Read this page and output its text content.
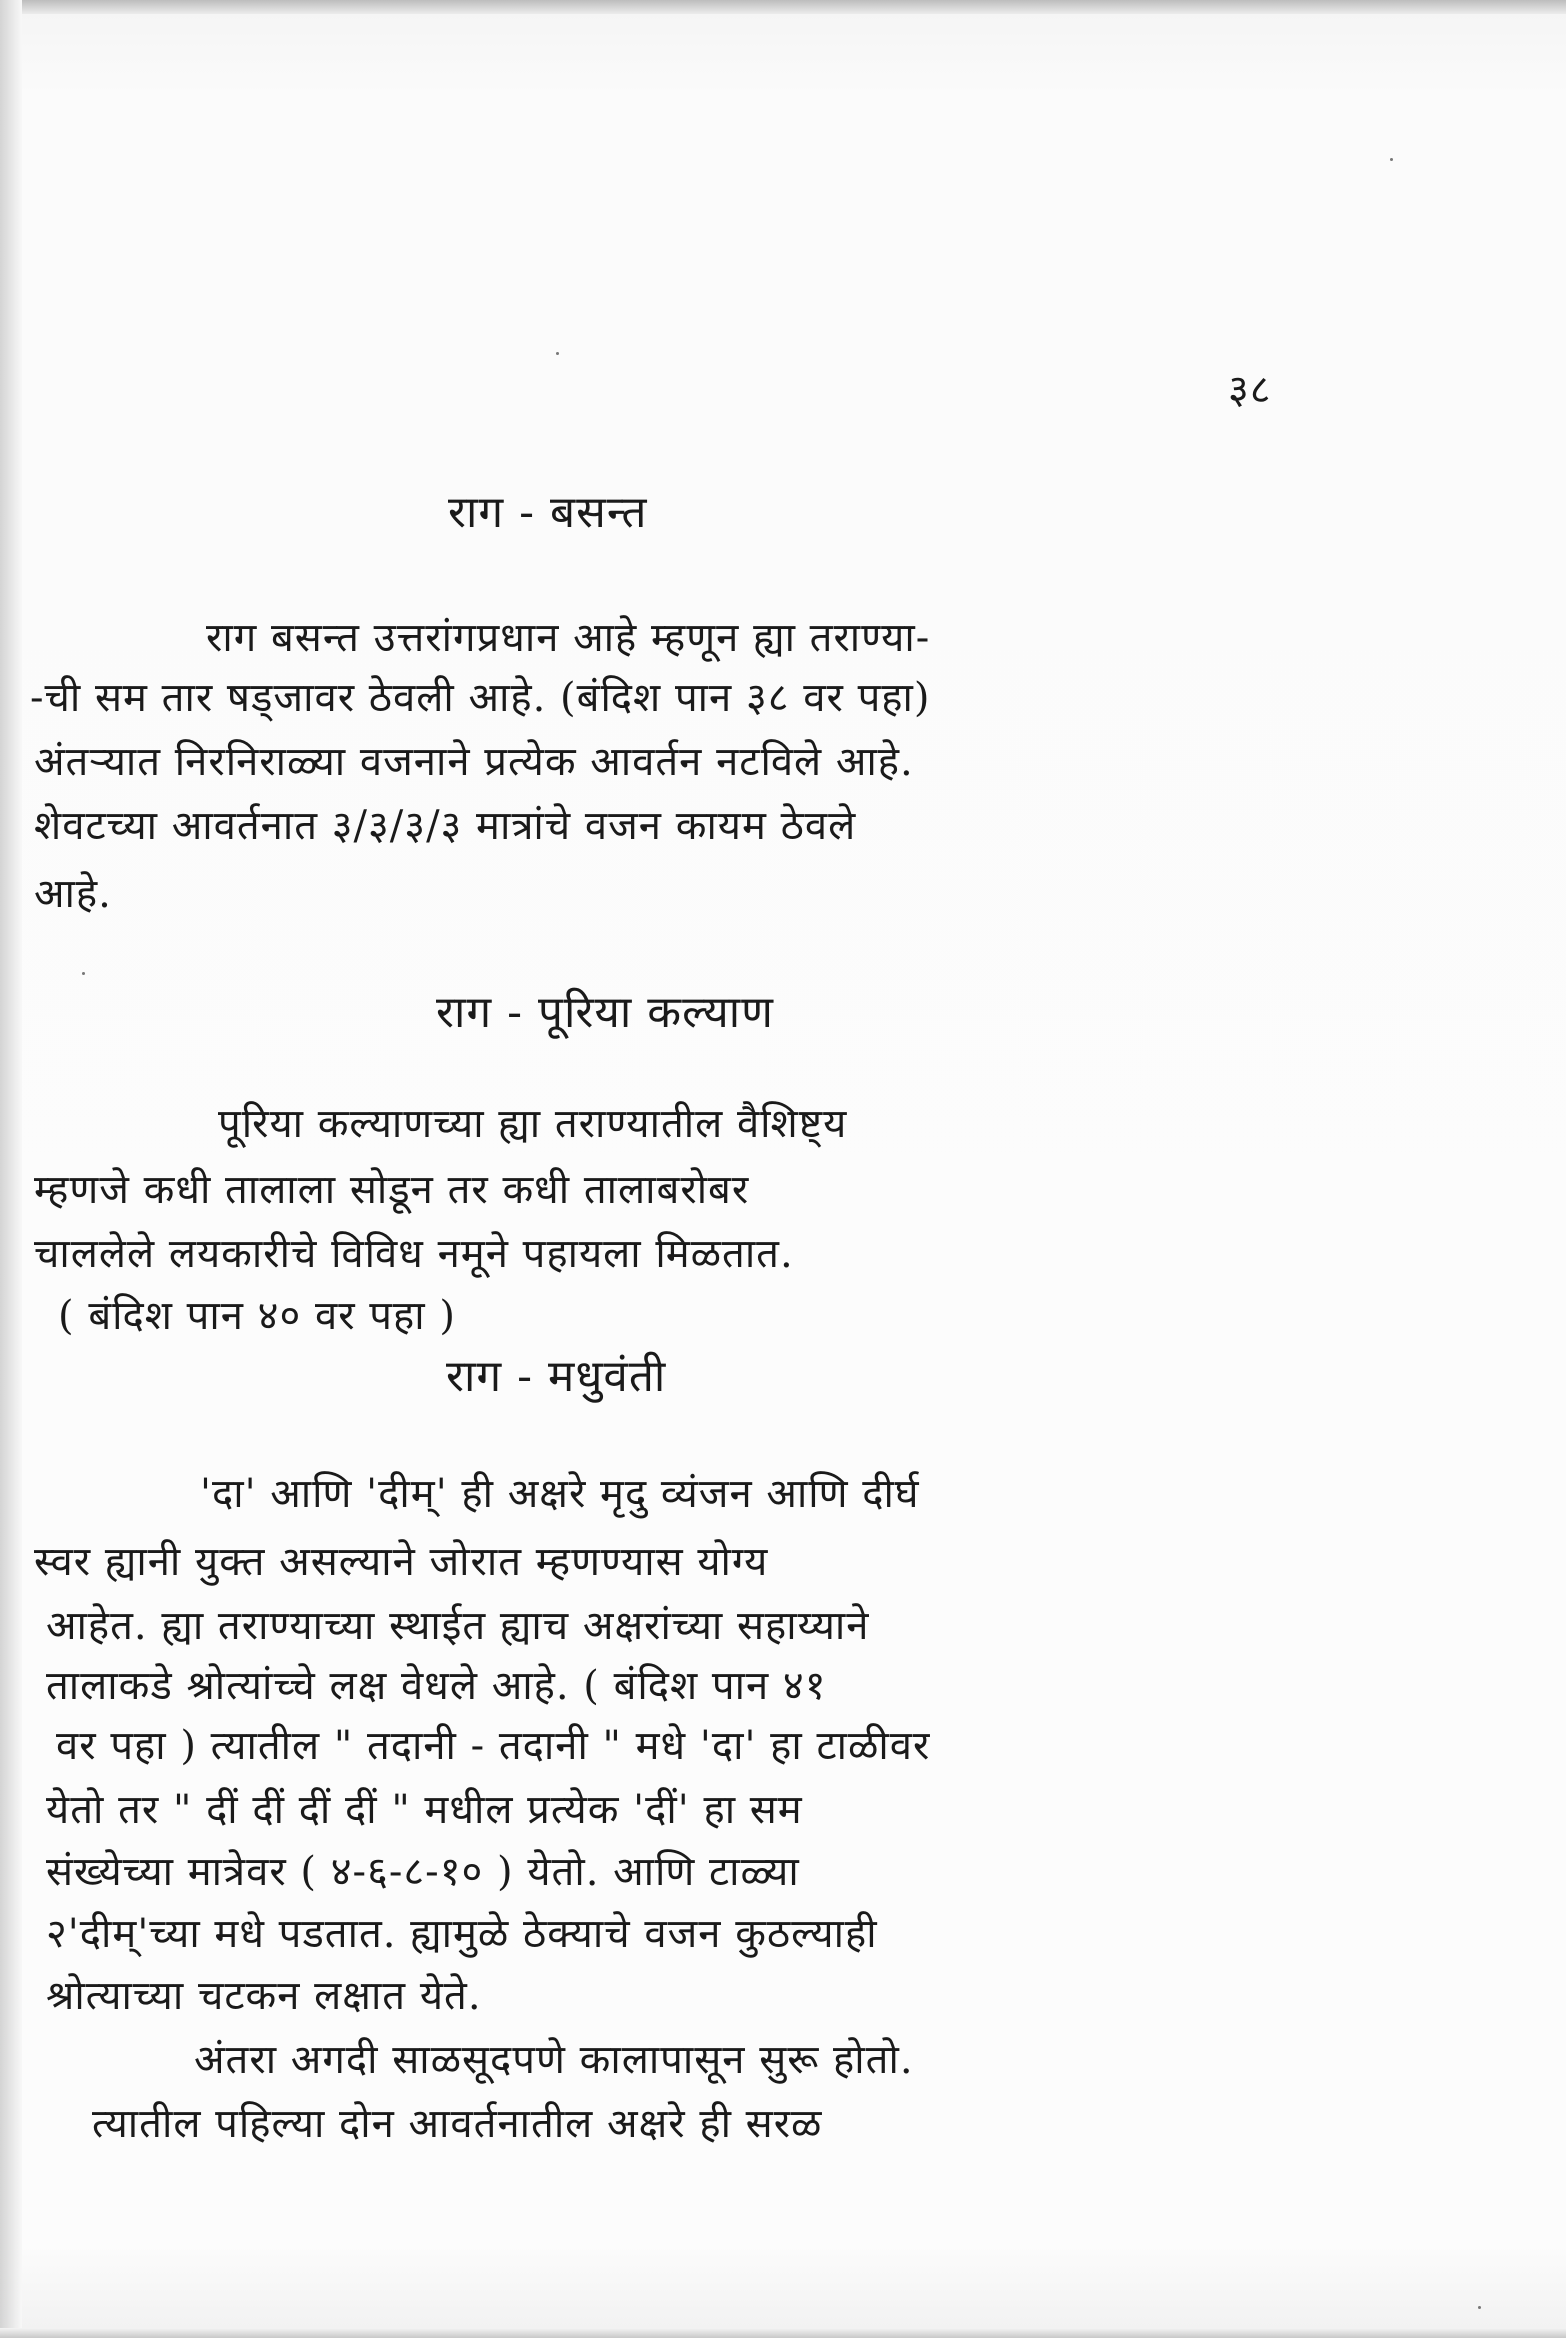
३८
राग - बसन्त
राग बसन्त उत्तरांगप्रधान आहे म्हणून ह्या तराण्या-
-ची सम तार षड्जावर ठेवली आहे. (बंदिश पान ३८ वर पहा)
अंतऱ्यात निरनिराळ्या वजनाने प्रत्येक आवर्तन नटविले आहे.
शेवटच्या आवर्तनात ३/३/३/३ मात्रांचे वजन कायम ठेवले
आहे.
राग - पूरिया कल्याण
पूरिया कल्याणच्या ह्या तराण्यातील वैशिष्ट्य
म्हणजे कधी तालाला सोडून तर कधी तालाबरोबर
चाललेले लयकारीचे विविध नमूने पहायला मिळतात.
( बंदिश पान ४० वर पहा )
राग - मधुवंती
'दा' आणि 'दीम्' ही अक्षरे मृदु व्यंजन आणि दीर्घ
स्वर ह्यानी युक्त असल्याने जोरात म्हणण्यास योग्य
आहेत. ह्या तराण्याच्या स्थाईत ह्याच अक्षरांच्या सहाय्याने
तालाकडे श्रोत्यांच्चे लक्ष वेधले आहे. ( बंदिश पान ४१
वर पहा ) त्यातील " तदानी - तदानी " मधे 'दा' हा टाळीवर
येतो तर " दीं दीं दीं दीं " मधील प्रत्येक 'दीं' हा सम
संख्येच्या मात्रेवर ( ४-६-८-१० ) येतो. आणि टाळ्या
२'दीम्'च्या मधे पडतात. ह्यामुळे ठेक्याचे वजन कुठल्याही
श्रोत्याच्या चटकन लक्षात येते.
अंतरा अगदी साळसूदपणे कालापासून सुरू होतो.
त्यातील पहिल्या दोन आवर्तनातील अक्षरे ही सरळ
